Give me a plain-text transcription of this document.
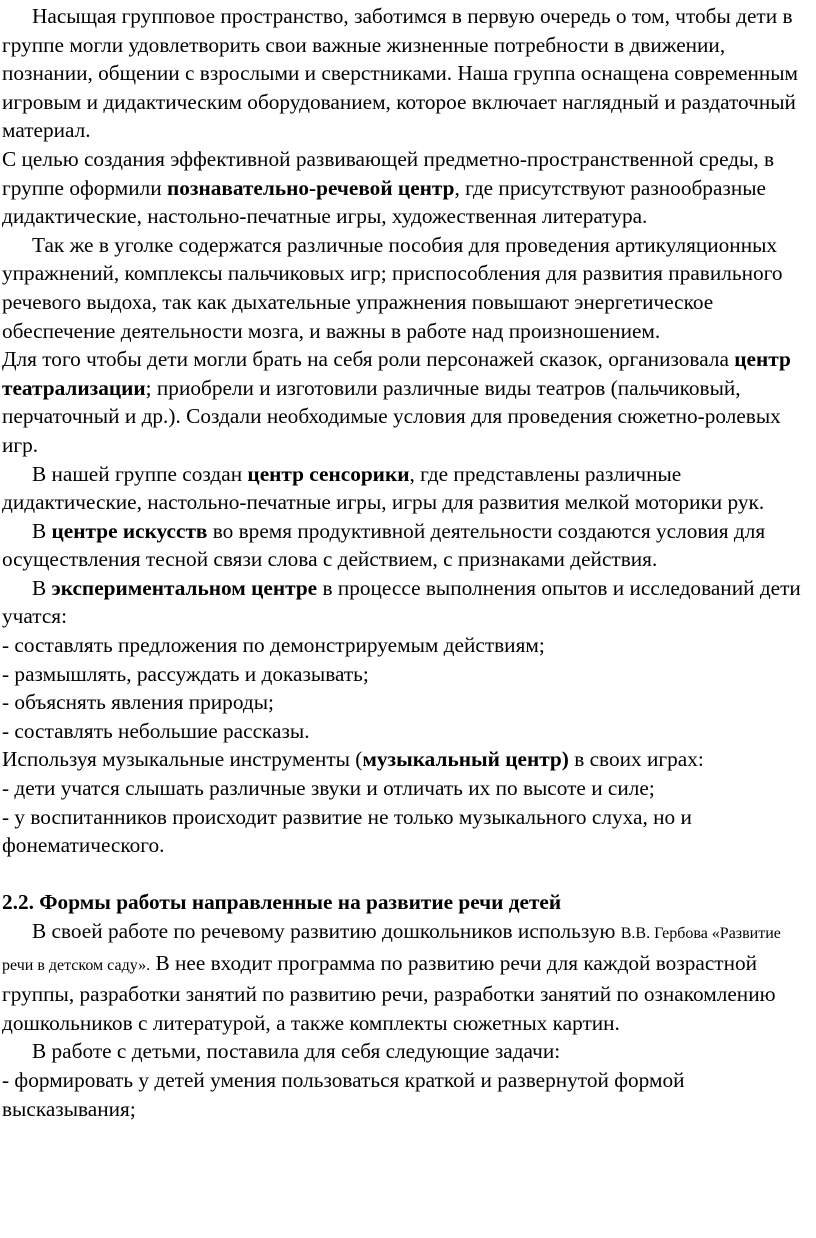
Насыщая групповое пространство, заботимся в первую очередь о том, чтобы дети в группе могли удовлетворить свои важные жизненные потребности в движении, познании, общении с взрослыми и сверстниками. Наша группа оснащена современным игровым и дидактическим оборудованием, которое включает наглядный и раздаточный материал.

С целью создания эффективной развивающей предметно-пространственной среды, в группе оформили познавательно-речевой центр, где присутствуют разнообразные дидактические, настольно-печатные игры, художественная литература.

Так же в уголке содержатся различные пособия для проведения артикуляционных упражнений, комплексы пальчиковых игр; приспособления для развития правильного речевого выдоха, так как дыхательные упражнения повышают энергетическое обеспечение деятельности мозга, и важны в работе над произношением.

Для того чтобы дети могли брать на себя роли персонажей сказок, организовала центр театрализации; приобрели и изготовили различные виды театров (пальчиковый, перчаточный и др.). Создали необходимые условия для проведения сюжетно-ролевых игр.

В нашей группе создан центр сенсорики, где представлены различные дидактические, настольно-печатные игры, игры для развития мелкой моторики рук.

В центре искусств во время продуктивной деятельности создаются условия для осуществления тесной связи слова с действием, с признаками действия.

В экспериментальном центре в процессе выполнения опытов и исследований дети учатся:

- составлять предложения по демонстрируемым действиям;

- размышлять, рассуждать и доказывать;

- объяснять явления природы;

- составлять небольшие рассказы.

Используя музыкальные инструменты (музыкальный центр) в своих играх:

- дети учатся слышать различные звуки и отличать их по высоте и силе;

- у воспитанников происходит развитие не только музыкального слуха, но и фонематического.

2.2. Формы работы направленные на развитие речи детей

В своей работе по речевому развитию дошкольников использую В.В. Гербова «Развитие речи в детском саду». В нее входит программа по развитию речи для каждой возрастной группы, разработки занятий по развитию речи, разработки занятий по ознакомлению дошкольников с литературой, а также комплекты сюжетных картин.

В работе с детьми, поставила для себя следующие задачи:

- формировать у детей умения пользоваться краткой и развернутой формой высказывания;
